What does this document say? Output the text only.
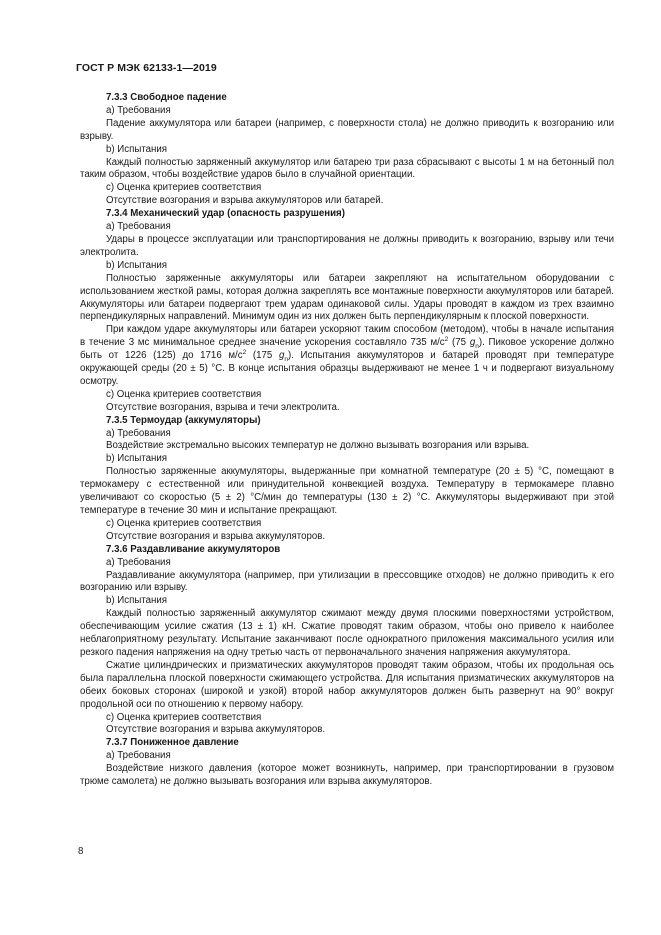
ГОСТ Р МЭК 62133-1—2019

7.3.3 Свободное падение

a) Требования

Падение аккумулятора или батареи (например, с поверхности стола) не должно приводить к возгоранию или взрыву.

b) Испытания

Каждый полностью заряженный аккумулятор или батарею три раза сбрасывают с высоты 1 м на бетонный пол таким образом, чтобы воздействие ударов было в случайной ориентации.

c) Оценка критериев соответствия

Отсутствие возгорания и взрыва аккумуляторов или батарей.

7.3.4 Механический удар (опасность разрушения)

a) Требования

Удары в процессе эксплуатации или транспортирования не должны приводить к возгоранию, взрыву или течи электролита.

b) Испытания

Полностью заряженные аккумуляторы или батареи закрепляют на испытательном оборудовании с использованием жесткой рамы, которая должна закреплять все монтажные поверхности аккумуляторов или батарей. Аккумуляторы или батареи подвергают трем ударам одинаковой силы. Удары проводят в каждом из трех взаимно перпендикулярных направлений. Минимум один из них должен быть перпендикулярным к плоской поверхности.

При каждом ударе аккумуляторы или батареи ускоряют таким способом (методом), чтобы в начале испытания в течение 3 мс минимальное среднее значение ускорения составляло 735 $м/с^2$ (75 $g_n$). Пиковое ускорение должно быть от 1226 (125) до 1716 $м/с^2$ (175 $g_n$). Испытания аккумуляторов и батарей проводят при температуре окружающей среды (20 ± 5) °С. В конце испытания образцы выдерживают не менее 1 ч и подвергают визуальному осмотру.

c) Оценка критериев соответствия

Отсутствие возгорания, взрыва и течи электролита.

7.3.5 Термоудар (аккумуляторы)

a) Требования

Воздействие экстремально высоких температур не должно вызывать возгорания или взрыва.

b) Испытания

Полностью заряженные аккумуляторы, выдержанные при комнатной температуре (20 ± 5) °С, помещают в термокамеру с естественной или принудительной конвекцией воздуха. Температуру в термокамере плавно увеличивают со скоростью (5 ± 2) °С/мин до температуры (130 ± 2) °С. Аккумуляторы выдерживают при этой температуре в течение 30 мин и испытание прекращают.

c) Оценка критериев соответствия

Отсутствие возгорания и взрыва аккумуляторов.

7.3.6 Раздавливание аккумуляторов

a) Требования

Раздавливание аккумулятора (например, при утилизации в прессовщике отходов) не должно приводить к его возгоранию или взрыву.

b) Испытания

Каждый полностью заряженный аккумулятор сжимают между двумя плоскими поверхностями устройством, обеспечивающим усилие сжатия (13 ± 1) кН. Сжатие проводят таким образом, чтобы оно привело к наиболее неблагоприятному результату. Испытание заканчивают после однократного приложения максимального усилия или резкого падения напряжения на одну третью часть от первоначального значения напряжения аккумулятора.

Сжатие цилиндрических и призматических аккумуляторов проводят таким образом, чтобы их продольная ось была параллельна плоской поверхности сжимающего устройства. Для испытания призматических аккумуляторов на обеих боковых сторонах (широкой и узкой) второй набор аккумуляторов должен быть развернут на 90° вокруг продольной оси по отношению к первому набору.

c) Оценка критериев соответствия

Отсутствие возгорания и взрыва аккумуляторов.

7.3.7 Пониженное давление

a) Требования

Воздействие низкого давления (которое может возникнуть, например, при транспортировании в грузовом трюме самолета) не должно вызывать возгорания или взрыва аккумуляторов.

8
